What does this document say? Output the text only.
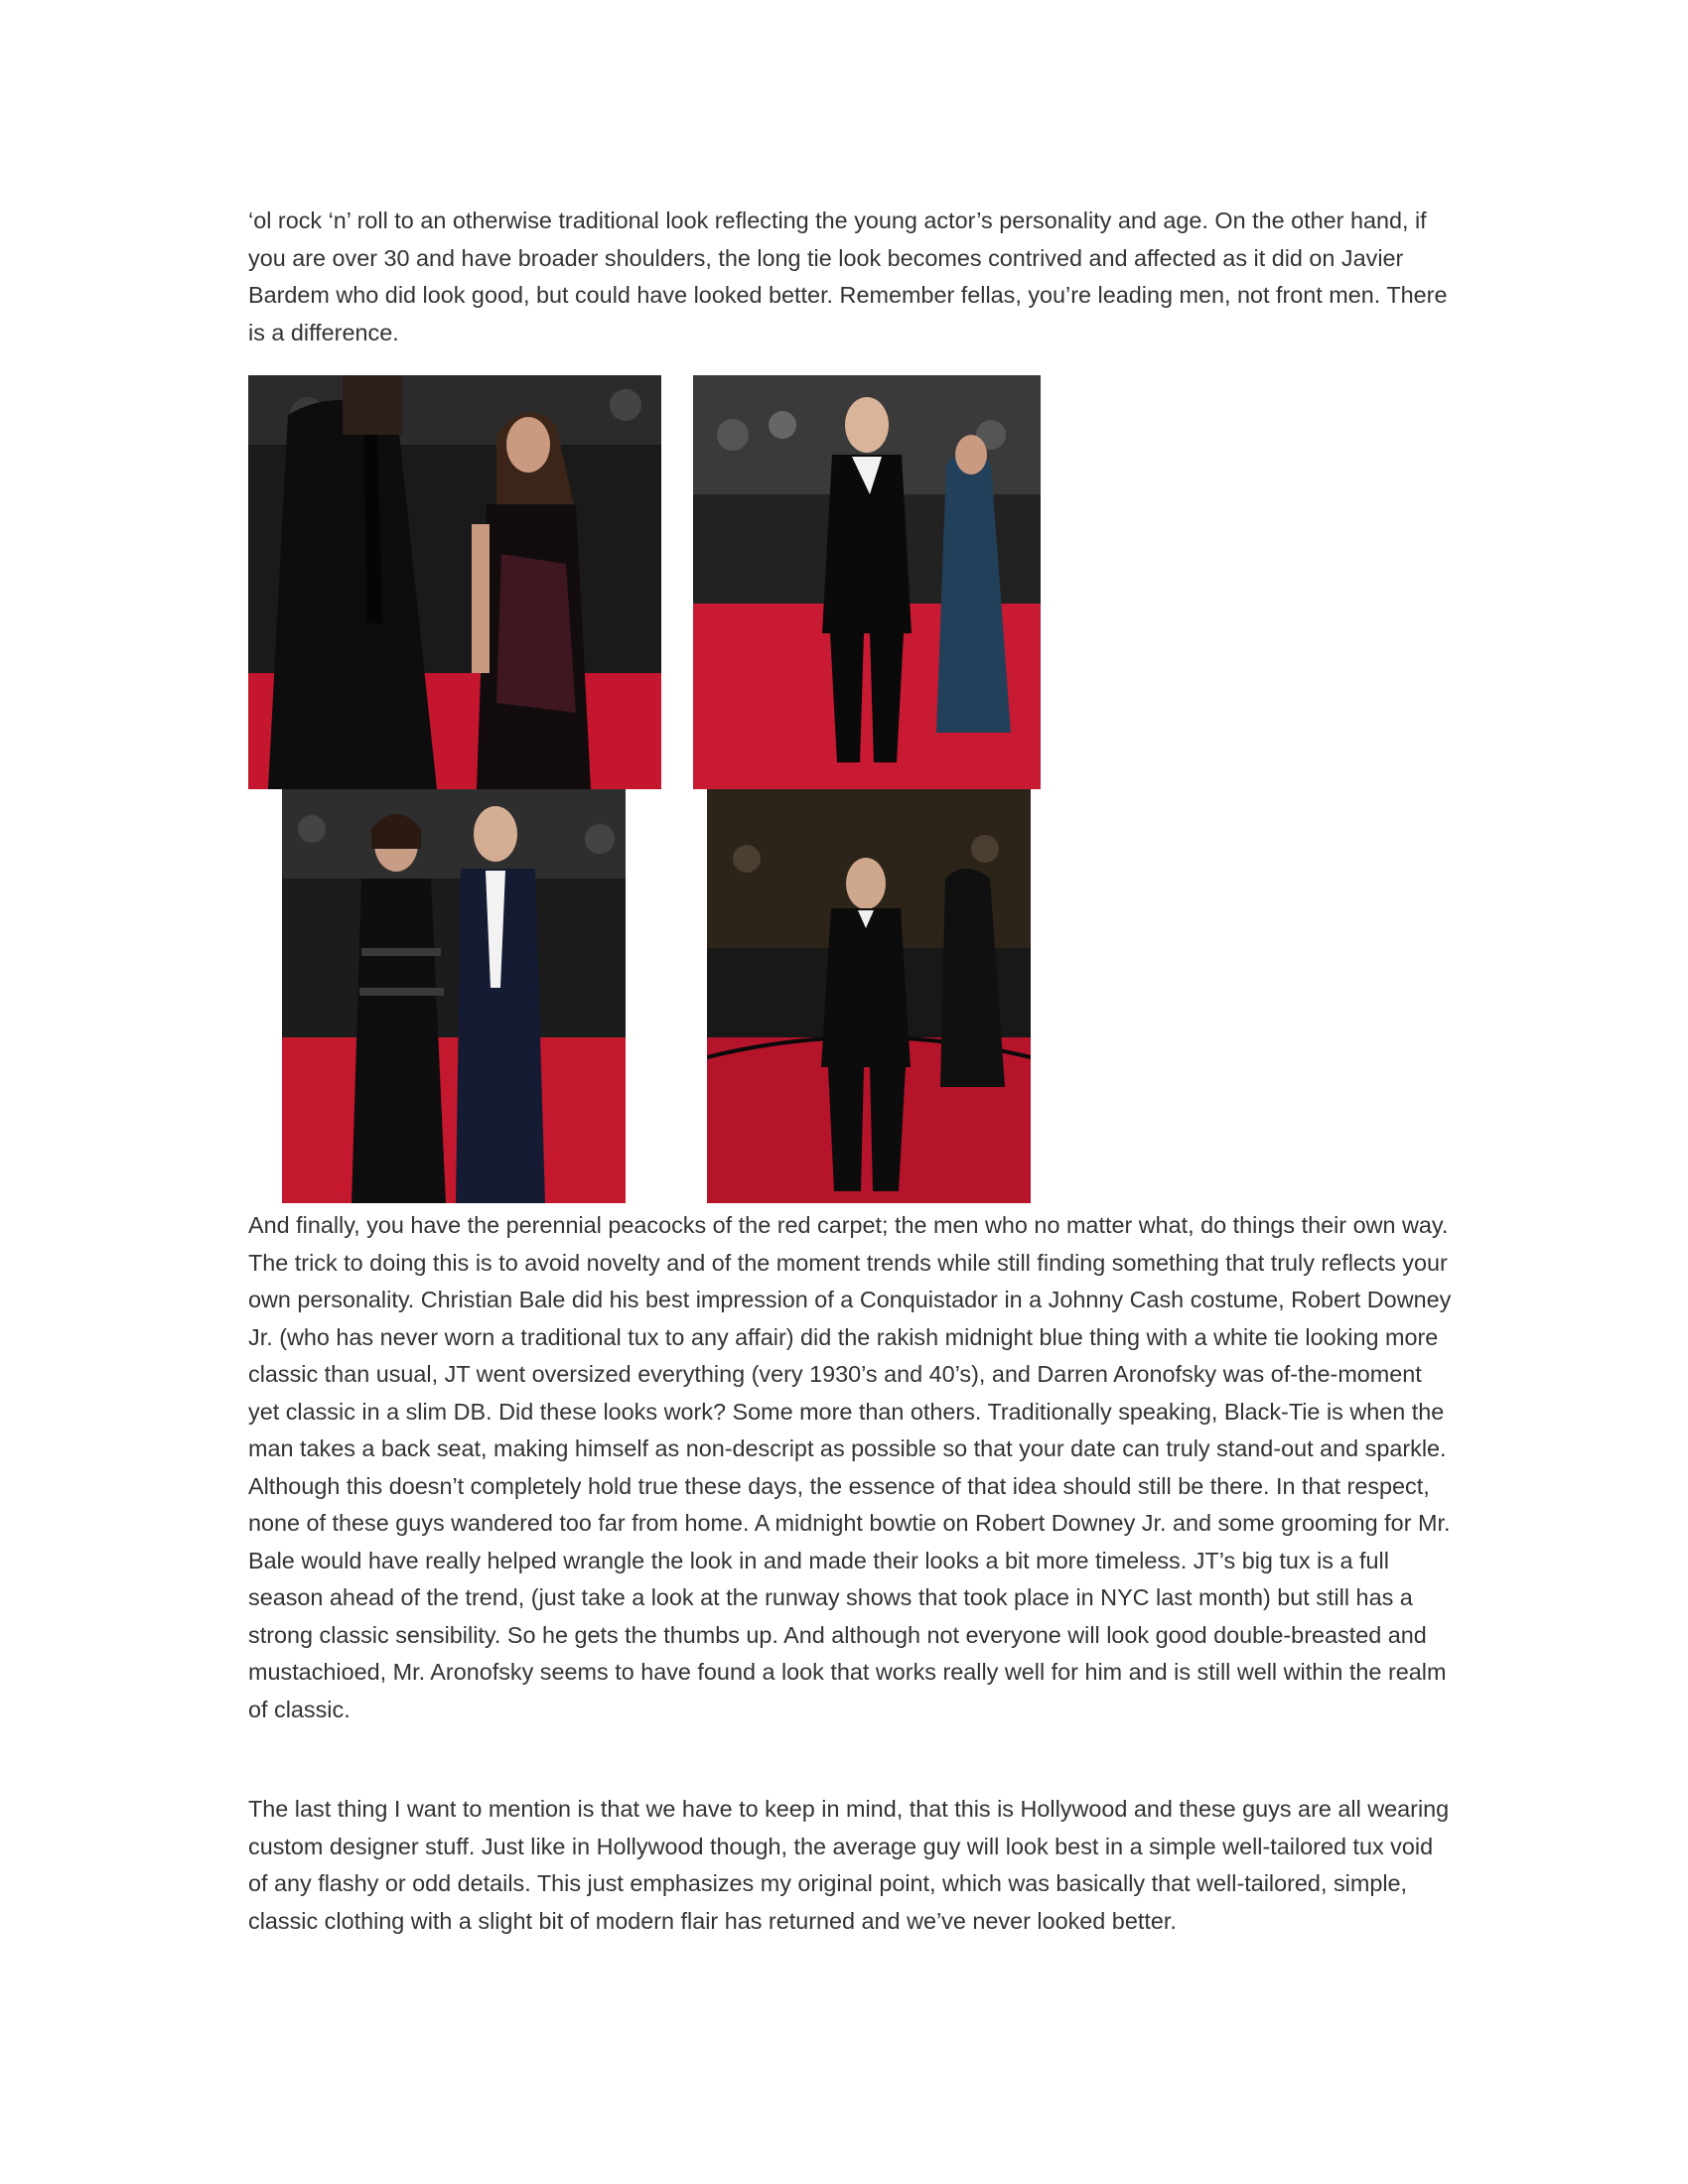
‘ol rock ‘n’ roll to an otherwise traditional look reflecting the young actor’s personality and age. On the other hand, if you are over 30 and have broader shoulders, the long tie look becomes contrived and affected as it did on Javier Bardem who did look good, but could have looked better. Remember fellas, you’re leading men, not front men. There is a difference.

And finally, you have the perennial peacocks of the red carpet; the men who no matter what, do things their own way. The trick to doing this is to avoid novelty and of the moment trends while still finding something that truly reflects your own personality. Christian Bale did his best impression of a Conquistador in a Johnny Cash costume, Robert Downey Jr. (who has never worn a traditional tux to any affair) did the rakish midnight blue thing with a white tie looking more classic than usual, JT went oversized everything (very 1930’s and 40’s), and Darren Aronofsky was of-the-moment yet classic in a slim DB. Did these looks work? Some more than others. Traditionally speaking, Black-Tie is when the man takes a back seat, making himself as non-descript as possible so that your date can truly stand-out and sparkle. Although this doesn’t completely hold true these days, the essence of that idea should still be there. In that respect, none of these guys wandered too far from home. A midnight bowtie on Robert Downey Jr. and some grooming for Mr. Bale would have really helped wrangle the look in and made their looks a bit more timeless. JT’s big tux is a full season ahead of the trend, (just take a look at the runway shows that took place in NYC last month) but still has a strong classic sensibility. So he gets the thumbs up. And although not everyone will look good double-breasted and mustachioed, Mr. Aronofsky seems to have found a look that works really well for him and is still well within the realm of classic.

The last thing I want to mention is that we have to keep in mind, that this is Hollywood and these guys are all wearing custom designer stuff. Just like in Hollywood though, the average guy will look best in a simple well-tailored tux void of any flashy or odd details. This just emphasizes my original point, which was basically that well-tailored, simple, classic clothing with a slight bit of modern flair has returned and we’ve never looked better.
